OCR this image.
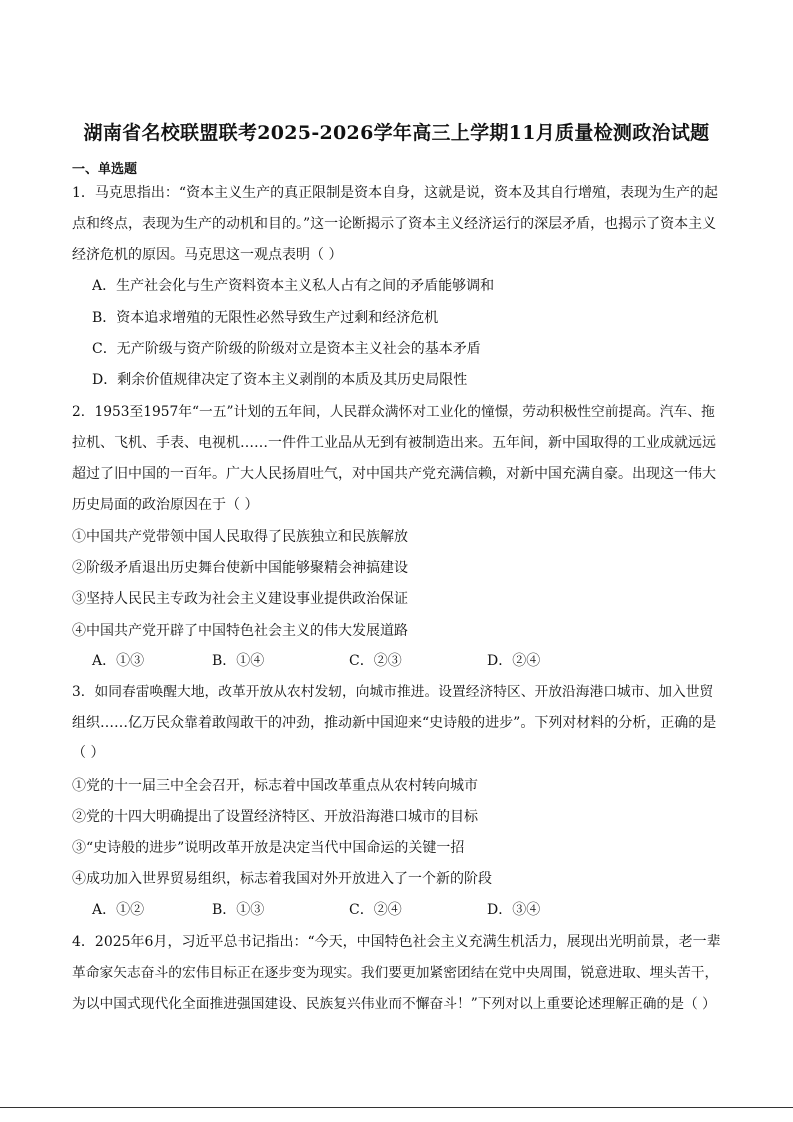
湖南省名校联盟联考2025-2026学年高三上学期11月质量检测政治试题
一、单选题
1．马克思指出：“资本主义生产的真正限制是资本自身，这就是说，资本及其自行增殖，表现为生产的起
点和终点，表现为生产的动机和目的。”这一论断揭示了资本主义经济运行的深层矛盾，也揭示了资本主义
经济危机的原因。马克思这一观点表明（ ）
A．生产社会化与生产资料资本主义私人占有之间的矛盾能够调和
B．资本追求增殖的无限性必然导致生产过剩和经济危机
C．无产阶级与资产阶级的阶级对立是资本主义社会的基本矛盾
D．剩余价值规律决定了资本主义剥削的本质及其历史局限性
2．1953至1957年“一五”计划的五年间，人民群众满怀对工业化的憧憬，劳动积极性空前提高。汽车、拖
拉机、飞机、手表、电视机……一件件工业品从无到有被制造出来。五年间，新中国取得的工业成就远远
超过了旧中国的一百年。广大人民扬眉吐气，对中国共产党充满信赖，对新中国充满自豪。出现这一伟大
历史局面的政治原因在于（ ）
①中国共产党带领中国人民取得了民族独立和民族解放
②阶级矛盾退出历史舞台使新中国能够聚精会神搞建设
③坚持人民民主专政为社会主义建设事业提供政治保证
④中国共产党开辟了中国特色社会主义的伟大发展道路
A．①③	B．①④	C．②③	D．②④
3．如同春雷唤醒大地，改革开放从农村发轫，向城市推进。设置经济特区、开放沿海港口城市、加入世贸
组织……亿万民众靠着敢闯敢干的冲劲，推动新中国迎来“史诗般的进步”。下列对材料的分析，正确的是
（ ）
①党的十一届三中全会召开，标志着中国改革重点从农村转向城市
②党的十四大明确提出了设置经济特区、开放沿海港口城市的目标
③“史诗般的进步”说明改革开放是决定当代中国命运的关键一招
④成功加入世界贸易组织，标志着我国对外开放进入了一个新的阶段
A．①②	B．①③	C．②④	D．③④
4．2025年6月，习近平总书记指出：“今天，中国特色社会主义充满生机活力，展现出光明前景，老一辈
革命家矢志奋斗的宏伟目标正在逐步变为现实。我们要更加紧密团结在党中央周围，锐意进取、埋头苦干，
为以中国式现代化全面推进强国建设、民族复兴伟业而不懈奋斗！”下列对以上重要论述理解正确的是（ ）
